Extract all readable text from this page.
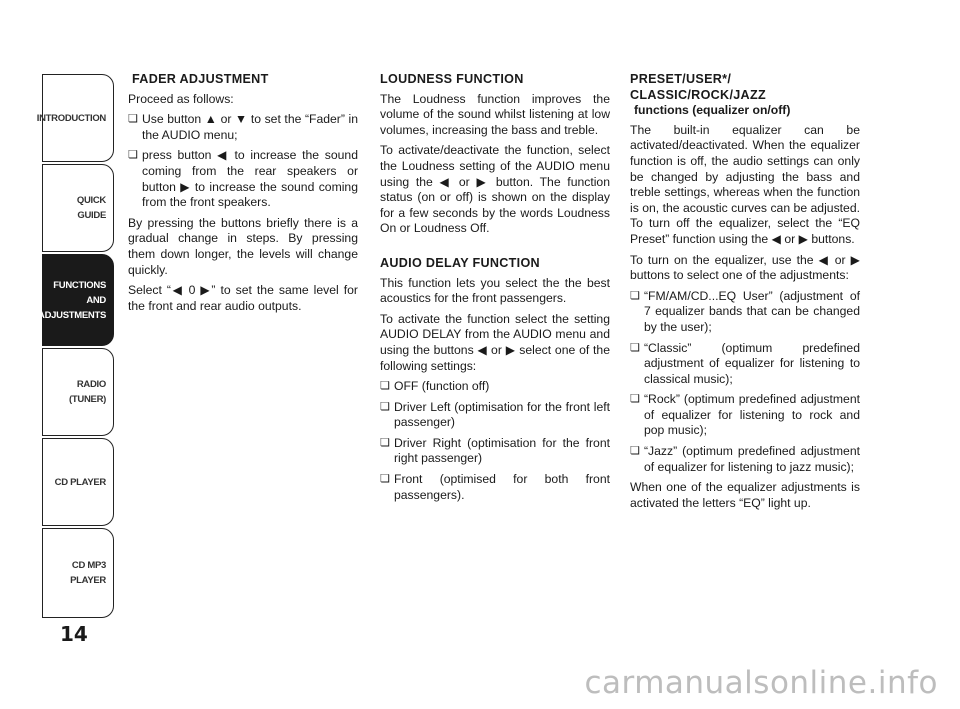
INTRODUCTION
QUICK
GUIDE
FUNCTIONS
AND
ADJUSTMENTS
RADIO
(TUNER)
CD PLAYER
CD MP3
PLAYER
14
FADER ADJUSTMENT

Proceed as follows:

❏ Use button ▲ or ▼ to set the “Fader” in the AUDIO menu;
❏ press button ◀ to increase the sound coming from the rear speakers or button ▶ to increase the sound coming from the front speakers.

By pressing the buttons briefly there is a gradual change in steps. By pressing them down longer, the levels will change quickly.

Select “◀ 0 ▶” to set the same level for the front and rear audio outputs.

LOUDNESS FUNCTION

The Loudness function improves the volume of the sound whilst listening at low volumes, increasing the bass and treble.

To activate/deactivate the function, select the Loudness setting of the AUDIO menu using the ◀ or ▶ button. The function status (on or off) is shown on the display for a few seconds by the words Loudness On or Loudness Off.

AUDIO DELAY FUNCTION

This function lets you select the the best acoustics for the front passengers.

To activate the function select the setting AUDIO DELAY from the AUDIO menu and using the buttons ◀ or ▶ select one of the following settings:

❏ OFF (function off)
❏ Driver Left (optimisation for the front left passenger)
❏ Driver Right (optimisation for the front right passenger)
❏ Front (optimised for both front passengers).
PRESET/USER*/
CLASSIC/ROCK/JAZZ
functions (equalizer on/off)

The built-in equalizer can be activated/deactivated. When the equalizer function is off, the audio settings can only be changed by adjusting the bass and treble settings, whereas when the function is on, the acoustic curves can be adjusted. To turn off the equalizer, select the “EQ Preset” function using the ◀ or ▶ buttons.

To turn on the equalizer, use the ◀ or ▶ buttons to select one of the adjustments:

❏ “FM/AM/CD...EQ User” (adjustment of 7 equalizer bands that can be changed by the user);
❏ “Classic” (optimum predefined adjustment of equalizer for listening to classical music);
❏ “Rock” (optimum predefined adjustment of equalizer for listening to rock and pop music);
❏ “Jazz” (optimum predefined adjustment of equalizer for listening to jazz music);

When one of the equalizer adjustments is activated the letters “EQ” light up.

carmanualsonline.info
